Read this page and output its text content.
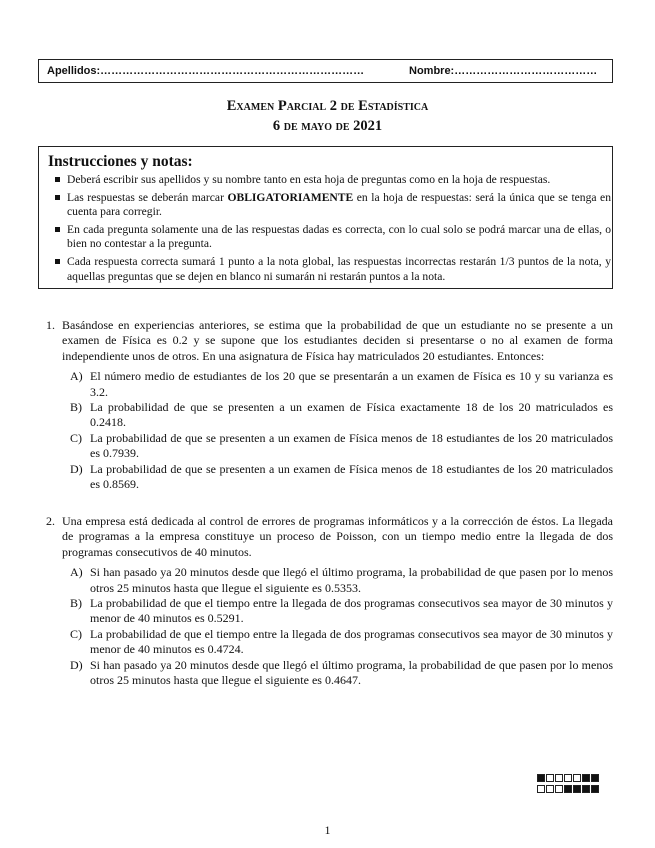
Apellidos:………………………………………………………………	Nombre:…………………………………
Examen Parcial 2 de Estadística
6 de mayo de 2021
Instrucciones y notas:
Deberá escribir sus apellidos y su nombre tanto en esta hoja de preguntas como en la hoja de respuestas.
Las respuestas se deberán marcar OBLIGATORIAMENTE en la hoja de respuestas: será la única que se tenga en cuenta para corregir.
En cada pregunta solamente una de las respuestas dadas es correcta, con lo cual solo se podrá marcar una de ellas, o bien no contestar a la pregunta.
Cada respuesta correcta sumará 1 punto a la nota global, las respuestas incorrectas restarán 1/3 puntos de la nota, y aquellas preguntas que se dejen en blanco ni sumarán ni restarán puntos a la nota.
1. Basándose en experiencias anteriores, se estima que la probabilidad de que un estudiante no se presente a un examen de Física es 0.2 y se supone que los estudiantes deciden si presentarse o no al examen de forma independiente unos de otros. En una asignatura de Física hay matriculados 20 estudiantes. Entonces:
A) El número medio de estudiantes de los 20 que se presentarán a un examen de Física es 10 y su varianza es 3.2.
B) La probabilidad de que se presenten a un examen de Física exactamente 18 de los 20 matriculados es 0.2418.
C) La probabilidad de que se presenten a un examen de Física menos de 18 estudiantes de los 20 matriculados es 0.7939.
D) La probabilidad de que se presenten a un examen de Física menos de 18 estudiantes de los 20 matriculados es 0.8569.
2. Una empresa está dedicada al control de errores de programas informáticos y a la corrección de éstos. La llegada de programas a la empresa constituye un proceso de Poisson, con un tiempo medio entre la llegada de dos programas consecutivos de 40 minutos.
A) Si han pasado ya 20 minutos desde que llegó el último programa, la probabilidad de que pasen por lo menos otros 25 minutos hasta que llegue el siguiente es 0.5353.
B) La probabilidad de que el tiempo entre la llegada de dos programas consecutivos sea mayor de 30 minutos y menor de 40 minutos es 0.5291.
C) La probabilidad de que el tiempo entre la llegada de dos programas consecutivos sea mayor de 30 minutos y menor de 40 minutos es 0.4724.
D) Si han pasado ya 20 minutos desde que llegó el último programa, la probabilidad de que pasen por lo menos otros 25 minutos hasta que llegue el siguiente es 0.4647.
1
